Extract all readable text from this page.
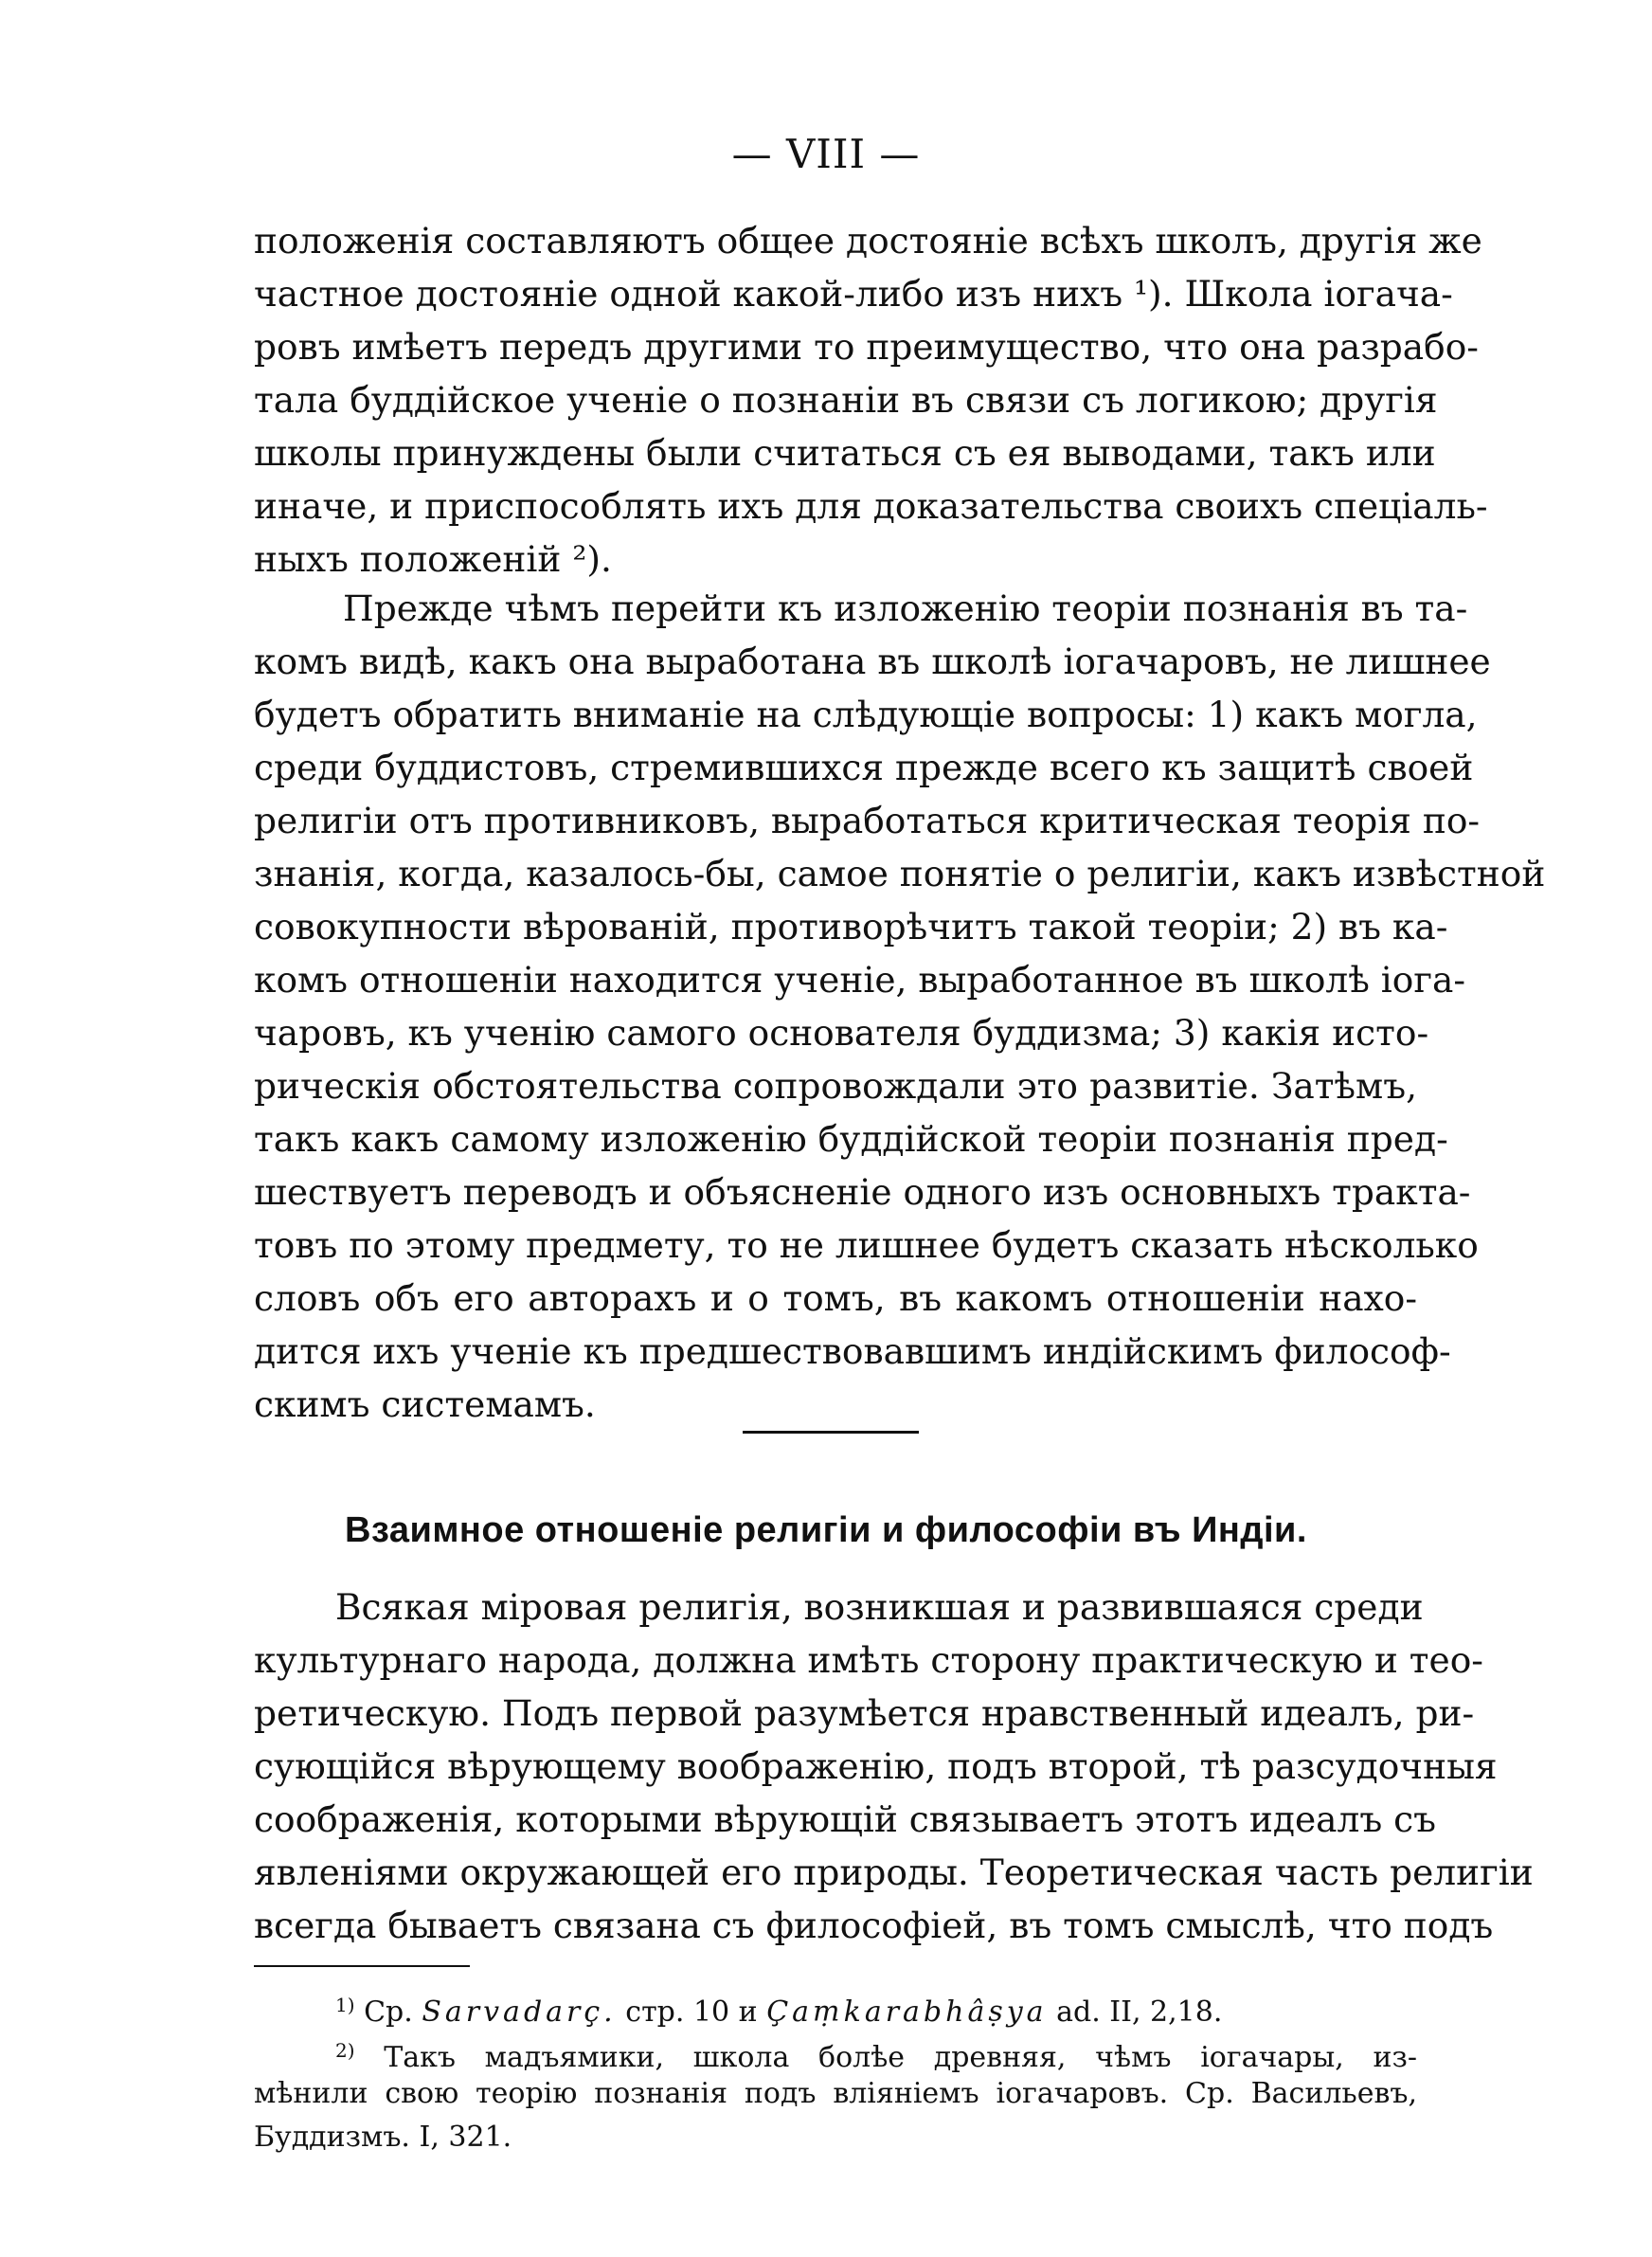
— VIII —
положенія составляютъ общее достояніе всѣхъ школъ, другія же
частное достояніе одной какой-либо изъ нихъ ¹). Школа іогача-
ровъ имѣетъ передъ другими то преимущество, что она разрабо-
тала буддійское ученіе о познаніи въ связи съ логикою; другія
школы принуждены были считаться съ ея выводами, такъ или
иначе, и приспособлять ихъ для доказательства своихъ спеціаль-
ныхъ положеній ²).
Прежде чѣмъ перейти къ изложенію теоріи познанія въ та-
комъ видѣ, какъ она выработана въ школѣ іогачаровъ, не лишнее
будетъ обратить вниманіе на слѣдующіе вопросы: 1) какъ могла,
среди буддистовъ, стремившихся прежде всего къ защитѣ своей
религіи отъ противниковъ, выработаться критическая теорія по-
знанія, когда, казалось-бы, самое понятіе о религіи, какъ извѣстной
совокупности вѣрованій, противорѣчитъ такой теоріи; 2) въ ка-
комъ отношеніи находится ученіе, выработанное въ школѣ іога-
чаровъ, къ ученію самого основателя буддизма; 3) какія исто-
рическія обстоятельства сопровождали это развитіе. Затѣмъ,
такъ какъ самому изложенію буддійской теоріи познанія пред-
шествуетъ переводъ и объясненіе одного изъ основныхъ тракта-
товъ по этому предмету, то не лишнее будетъ сказать нѣсколько
словъ объ его авторахъ и о томъ, въ какомъ отношеніи нахо-
дится ихъ ученіе къ предшествовавшимъ индійскимъ философ-
скимъ системамъ.
Взаимное отношеніе религіи и философіи въ Индіи.
Всякая міровая религія, возникшая и развившаяся среди
культурнаго народа, должна имѣть сторону практическую и тео-
ретическую. Подъ первой разумѣется нравственный идеалъ, ри-
сующійся вѣрующему воображенію, подъ второй, тѣ разсудочныя
соображенія, которыми вѣрующій связываетъ этотъ идеалъ съ
явленіями окружающей его природы. Теоретическая часть религіи
всегда бываетъ связана съ философіей, въ томъ смыслѣ, что подъ
$^{1)}$ Ср. Sarvadarç. стр. 10 и Çaṃkarabhâṣya ad. II, 2,18.
$^{2)}$ Такъ мадъямики, школа болѣе древняя, чѣмъ іогачары, из-
мѣнили свою теорію познанія подъ вліяніемъ іогачаровъ. Ср. Васильевъ,
Буддизмъ. I, 321.
